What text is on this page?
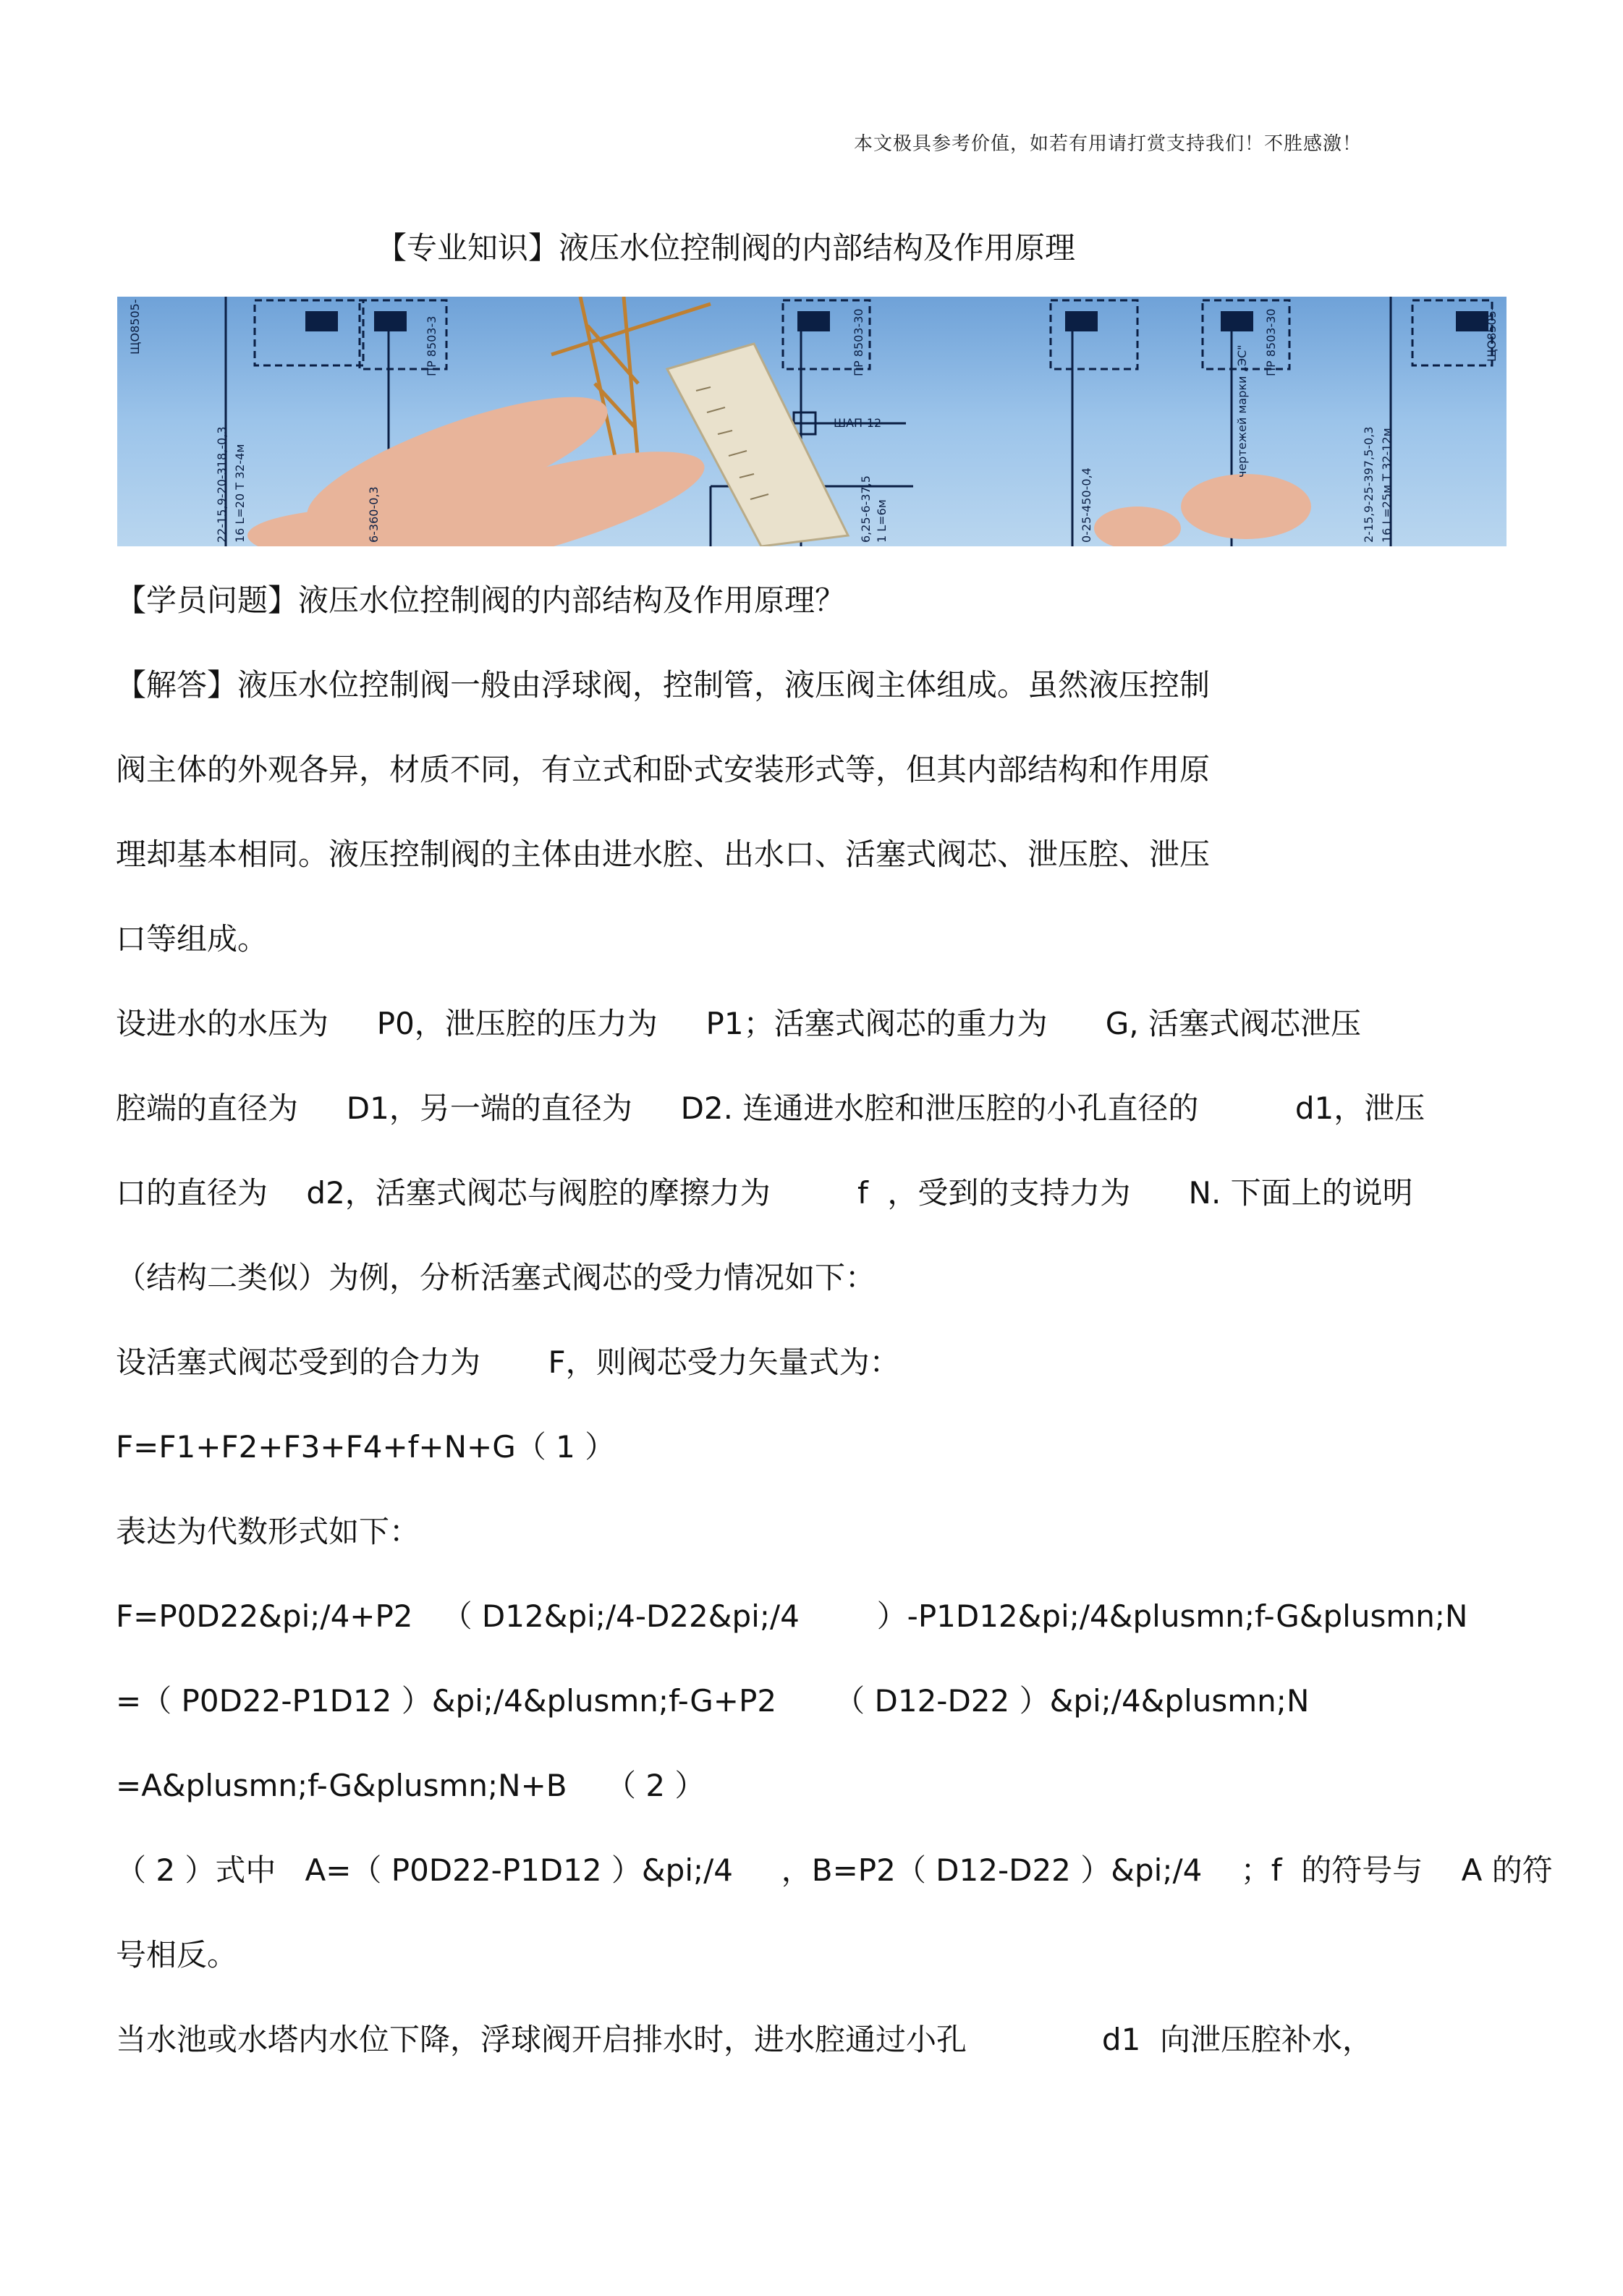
本文极具参考价值，如若有用请打赏支持我们！不胜感激！
【专业知识】液压水位控制阀的内部结构及作用原理
ЩО8505-	ПР 8503-3
ШАП-12
ПР 8503-30	ПР 8503-30	ЩО8505-
22-15,9-20-318,-0,3 16 L=20 Т 32-4м	6-360-0,3	6,25-6-37,5 1 L=6м	0-25-450-0,4
чертежей марки „ЭС"
2-15,9-25-397,5-0,3 16 L=25м Т 32-12м
【学员问题】液压水位控制阀的内部结构及作用原理？
【解答】液压水位控制阀一般由浮球阀，控制管，液压阀主体组成。虽然液压控制
阀主体的外观各异，材质不同，有立式和卧式安装形式等，但其内部结构和作用原
理却基本相同。液压控制阀的主体由进水腔、出水口、活塞式阀芯、泄压腔、泄压
口等组成。
设进水的水压为     P0，泄压腔的压力为     P1；活塞式阀芯的重力为      G, 活塞式阀芯泄压
腔端的直径为     D1，另一端的直径为     D2. 连通进水腔和泄压腔的小孔直径的          d1，泄压
口的直径为    d2，活塞式阀芯与阀腔的摩擦力为         f  ，受到的支持力为      N. 下面上的说明
（结构二类似）为例，分析活塞式阀芯的受力情况如下：
设活塞式阀芯受到的合力为       F，则阀芯受力矢量式为：
F=F1+F2+F3+F4+f+N+G（ 1 ）
表达为代数形式如下：
F=P0D22&pi;/4+P2   （ D12&pi;/4-D22&pi;/4        ）-P1D12&pi;/4&plusmn;f-G&plusmn;N
=（ P0D22-P1D12 ）&pi;/4&plusmn;f-G+P2      （ D12-D22 ）&pi;/4&plusmn;N
=A&plusmn;f-G&plusmn;N+B    （ 2 ）
（ 2 ）式中   A=（ P0D22-P1D12 ）&pi;/4     ，B=P2（ D12-D22 ）&pi;/4    ；f  的符号与    A 的符
号相反。
当水池或水塔内水位下降，浮球阀开启排水时，进水腔通过小孔              d1  向泄压腔补水，
